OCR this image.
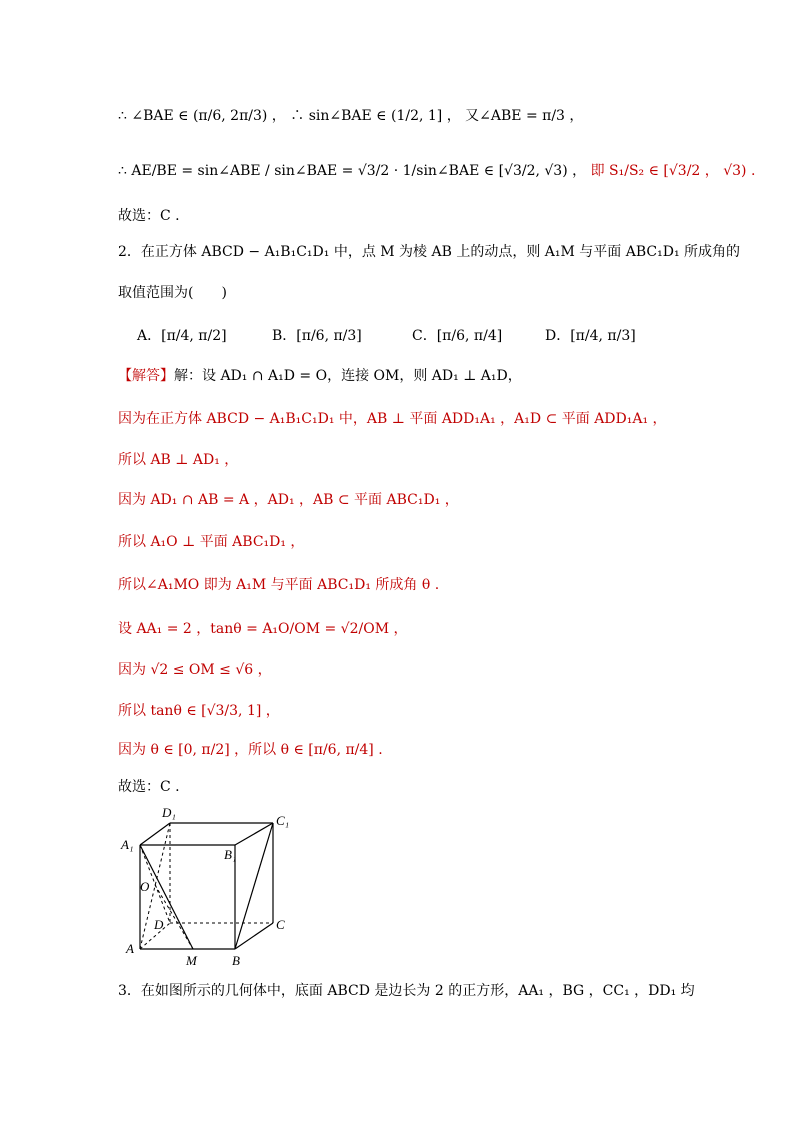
∴ ∠BAE ∈ (π/6, 2π/3) ， ∴ sin∠BAE ∈ (1/2, 1] ， 又∠ABE = π/3 ，
∴ AE/BE = sin∠ABE / sin∠BAE = √3/2 · 1/sin∠BAE ∈ [√3/2, √3) ， 即 S₁/S₂ ∈ [√3/2 ， √3) .
故选：C .
2．在正方体 ABCD − A₁B₁C₁D₁ 中，点 M 为棱 AB 上的动点，则 A₁M 与平面 ABC₁D₁ 所成角的
取值范围为(　　)
A．[π/4, π/2]	B．[π/6, π/3]	C．[π/6, π/4]	D．[π/4, π/3]
【解答】解：设 AD₁ ∩ A₁D = O，连接 OM，则 AD₁ ⊥ A₁D，
因为在正方体 ABCD − A₁B₁C₁D₁ 中，AB ⊥ 平面 ADD₁A₁ ，A₁D ⊂ 平面 ADD₁A₁ ，
所以 AB ⊥ AD₁ ，
因为 AD₁ ∩ AB = A ，AD₁ ，AB ⊂ 平面 ABC₁D₁ ，
所以 A₁O ⊥ 平面 ABC₁D₁ ，
所以∠A₁MO 即为 A₁M 与平面 ABC₁D₁ 所成角 θ .
设 AA₁ = 2 ，tanθ = A₁O/OM = √2/OM ，
因为 √2 ≤ OM ≤ √6 ，
所以 tanθ ∈ [√3/3, 1] ，
因为 θ ∈ [0, π/2] ，所以 θ ∈ [π/6, π/4] .
故选：C .
D₁
C₁
A₁
B₁
O
D	C
A
M	B
3．在如图所示的几何体中，底面 ABCD 是边长为 2 的正方形，AA₁ ，BG ，CC₁ ，DD₁ 均
